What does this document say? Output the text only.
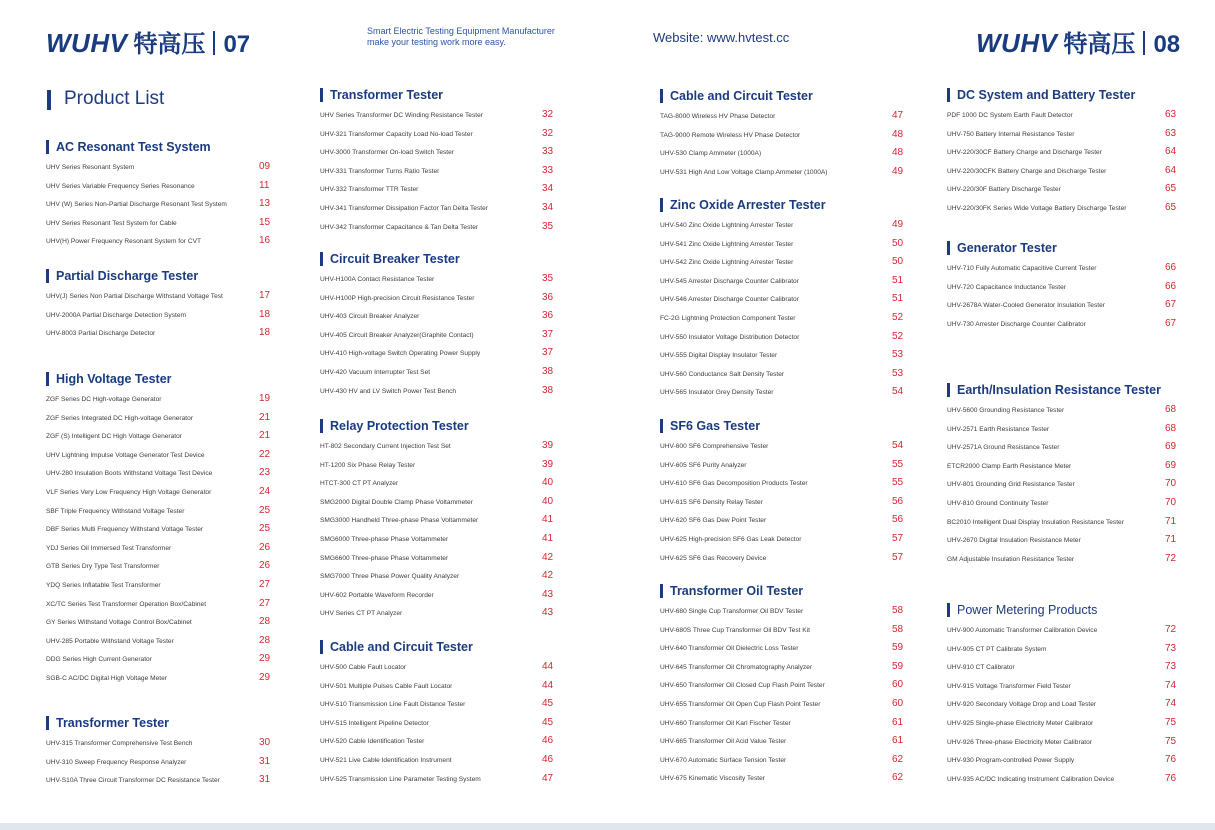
WUHV 特高压 07	Smart Electric Testing Equipment Manufacturer
make your testing work more easy.	Website: www.hvtest.cc	WUHV 特高压 08
Product List
AC Resonant Test System
UHV Series Resonant System	09
UHV Series Variable Frequency Series Resonance	11
UHV (W) Series Non-Partial Discharge Resonant Test System	13
UHV Series Resonant Test System for Cable	15
UHV(H) Power Frequency Resonant System for CVT	16
Partial Discharge Tester
UHV(J) Series Non Partial Discharge Withstand Voltage Test	17
UHV-2000A Partial Discharge Detection System	18
UHV-8003 Partial Discharge Detector	18
High Voltage Tester
ZGF Series DC High-voltage Generator	19
ZGF Series Integrated DC High-voltage Generator	21
ZGF (S) Intelligent DC High Voltage Generator	21
UHV Lightning Impulse Voltage Generator Test Device	22
UHV-280 Insulation Boots Withstand Voltage Test Device	23
VLF Series Very Low Frequency High Voltage Generator	24
SBF Triple Frequency Withstand Voltage Tester	25
DBF Series Multi Frequency Withstand Voltage Tester	25
YDJ Series Oil Immersed Test Transformer	26
GTB Series Dry Type Test Transformer	26
YDQ Series Inflatable Test Transformer	27
XC/TC Series Test Transformer Operation Box/Cabinet	27
GY Series Withstand Voltage Control Box/Cabinet	28
UHV-285 Portable Withstand Voltage Tester	28
DDG Series High Current Generator	29
SGB-C AC/DC Digital High Voltage Meter	29
Transformer Tester
UHV-315 Transformer Comprehensive Test Bench	30
UHV-310 Sweep Frequency Response Analyzer	31
UHV-S10A Three Circuit Transformer DC Resistance Tester	31
Transformer Tester
UHV Series Transformer DC Winding Resistance Tester	32
UHV-321 Transformer Capacity Load No-load Tester	32
UHV-3000 Transformer On-load Switch Tester	33
UHV-331 Transformer Turns Ratio Tester	33
UHV-332 Transformer TTR Tester	34
UHV-341 Transformer Dissipation Factor Tan Delta Tester	34
UHV-342 Transformer Capacitance & Tan Delta Tester	35
Circuit Breaker Tester
UHV-H100A Contact Resistance Tester	35
UHV-H100P High-precision Circuit Resistance Tester	36
UHV-403 Circuit Breaker Analyzer	36
UHV-405 Circuit Breaker Analyzer(Graphite Contact)	37
UHV-410 High-voltage Switch Operating Power Supply	37
UHV-420 Vacuum Interrupter Test Set	38
UHV-430 HV and LV Switch Power Test Bench	38
Relay Protection Tester
HT-802 Secondary Current Injection Test Set	39
HT-1200 Six Phase Relay Tester	39
HTCT-300 CT PT Analyzer	40
SMG2000 Digital Double Clamp Phase Voltammeter	40
SMG3000 Handheld Three-phase Phase Voltammeter	41
SMG6000 Three-phase Phase Voltammeter	41
SMG6600 Three-phase Phase Voltammeter	42
SMG7000 Three Phase Power Quality Analyzer	42
UHV-602 Portable Waveform Recorder	43
UHV Series CT PT Analyzer	43
Cable and Circuit Tester
UHV-500 Cable Fault Locator	44
UHV-501 Multiple Pulses Cable Fault Locator	44
UHV-510 Transmission Line Fault Distance Tester	45
UHV-515 Intelligent Pipeline Detector	45
UHV-520 Cable Identification Tester	46
UHV-521 Live Cable Identification Instrument	46
UHV-525 Transmission Line Parameter Testing System	47
Cable and Circuit Tester
TAG-8000 Wireless HV Phase Detector	47
TAG-9000 Remote Wireless HV Phase Detector	48
UHV-530 Clamp Ammeter (1000A)	48
UHV-531 High And Low Voltage Clamp Ammeter (1000A)	49
Zinc Oxide Arrester Tester
UHV-540 Zinc Oxide Lightning Arrester Tester	49
UHV-541 Zinc Oxide Lightning Arrester Tester	50
UHV-542 Zinc Oxide Lightning Arrester Tester	50
UHV-545 Arrester Discharge Counter Calibrator	51
UHV-546 Arrester Discharge Counter Calibrator	51
FC-2G Lightning Protection Component Tester	52
UHV-550 Insulator Voltage Distribution Detector	52
UHV-555 Digital Display Insulator Tester	53
UHV-560 Conductance Salt Density Tester	53
UHV-565 Insulator Grey Density Tester	54
SF6 Gas Tester
UHV-600 SF6 Comprehensive Tester	54
UHV-605 SF6 Purity Analyzer	55
UHV-610 SF6 Gas Decomposition Products Tester	55
UHV-615 SF6 Density Relay Tester	56
UHV-620 SF6 Gas Dew Point Tester	56
UHV-625 High-precision SF6 Gas Leak Detector	57
UHV-625 SF6 Gas Recovery Device	57
Transformer Oil Tester
UHV-680 Single Cup Transformer Oil BDV Tester	58
UHV-680S Three Cup Transformer Oil BDV Test Kit	58
UHV-640 Transformer Oil Dielectric Loss Tester	59
UHV-645 Transformer Oil Chromatography Analyzer	59
UHV-650 Transformer Oil Closed Cup Flash Point Tester	60
UHV-655 Transformer Oil Open Cup Flash Point Tester	60
UHV-660 Transformer Oil Karl Fischer Tester	61
UHV-665 Transformer Oil Acid Value Tester	61
UHV-670 Automatic Surface Tension Tester	62
UHV-675 Kinematic Viscosity Tester	62
DC System and Battery Tester
PDF 1000 DC System Earth Fault Detector	63
UHV-750 Battery Internal Resistance Tester	63
UHV-220/30CF Battery Charge and Discharge Tester	64
UHV-220/30CFK Battery Charge and Discharge Tester	64
UHV-220/30F Battery Discharge Tester	65
UHV-220/30FK Series Wide Voltage Battery Discharge Tester	65
Generator Tester
UHV-710 Fully Automatic Capacitive Current Tester	66
UHV-720 Capacitance Inductance Tester	66
UHV-2678A Water-Cooled Generator Insulation Tester	67
UHV-730 Arrester Discharge Counter Calibrator	67
Earth/Insulation Resistance Tester
UHV-5600 Grounding Resistance Tester	68
UHV-2571 Earth Resistance Tester	68
UHV-2571A Ground Resistance Tester	69
ETCR2000 Clamp Earth Resistance Meter	69
UHV-801 Grounding Grid Resistance Tester	70
UHV-810 Ground Continuity Tester	70
BC2010 Intelligent Dual Display Insulation Resistance Tester	71
UHV-2670 Digital Insulation Resistance Meter	71
GM Adjustable Insulation Resistance Tester	72
Power Metering Products
UHV-900 Automatic Transformer Calibration Device	72
UHV-905 CT PT Calibrate System	73
UHV-910 CT Calibrator	73
UHV-915 Voltage Transformer Field Tester	74
UHV-920 Secondary Voltage Drop and Load Tester	74
UHV-925 Single-phase Electricity Meter Calibrator	75
UHV-926 Three-phase Electricity Meter Calibrator	75
UHV-930 Program-controlled Power Supply	76
UHV-935 AC/DC Indicating Instrument Calibration Device	76
